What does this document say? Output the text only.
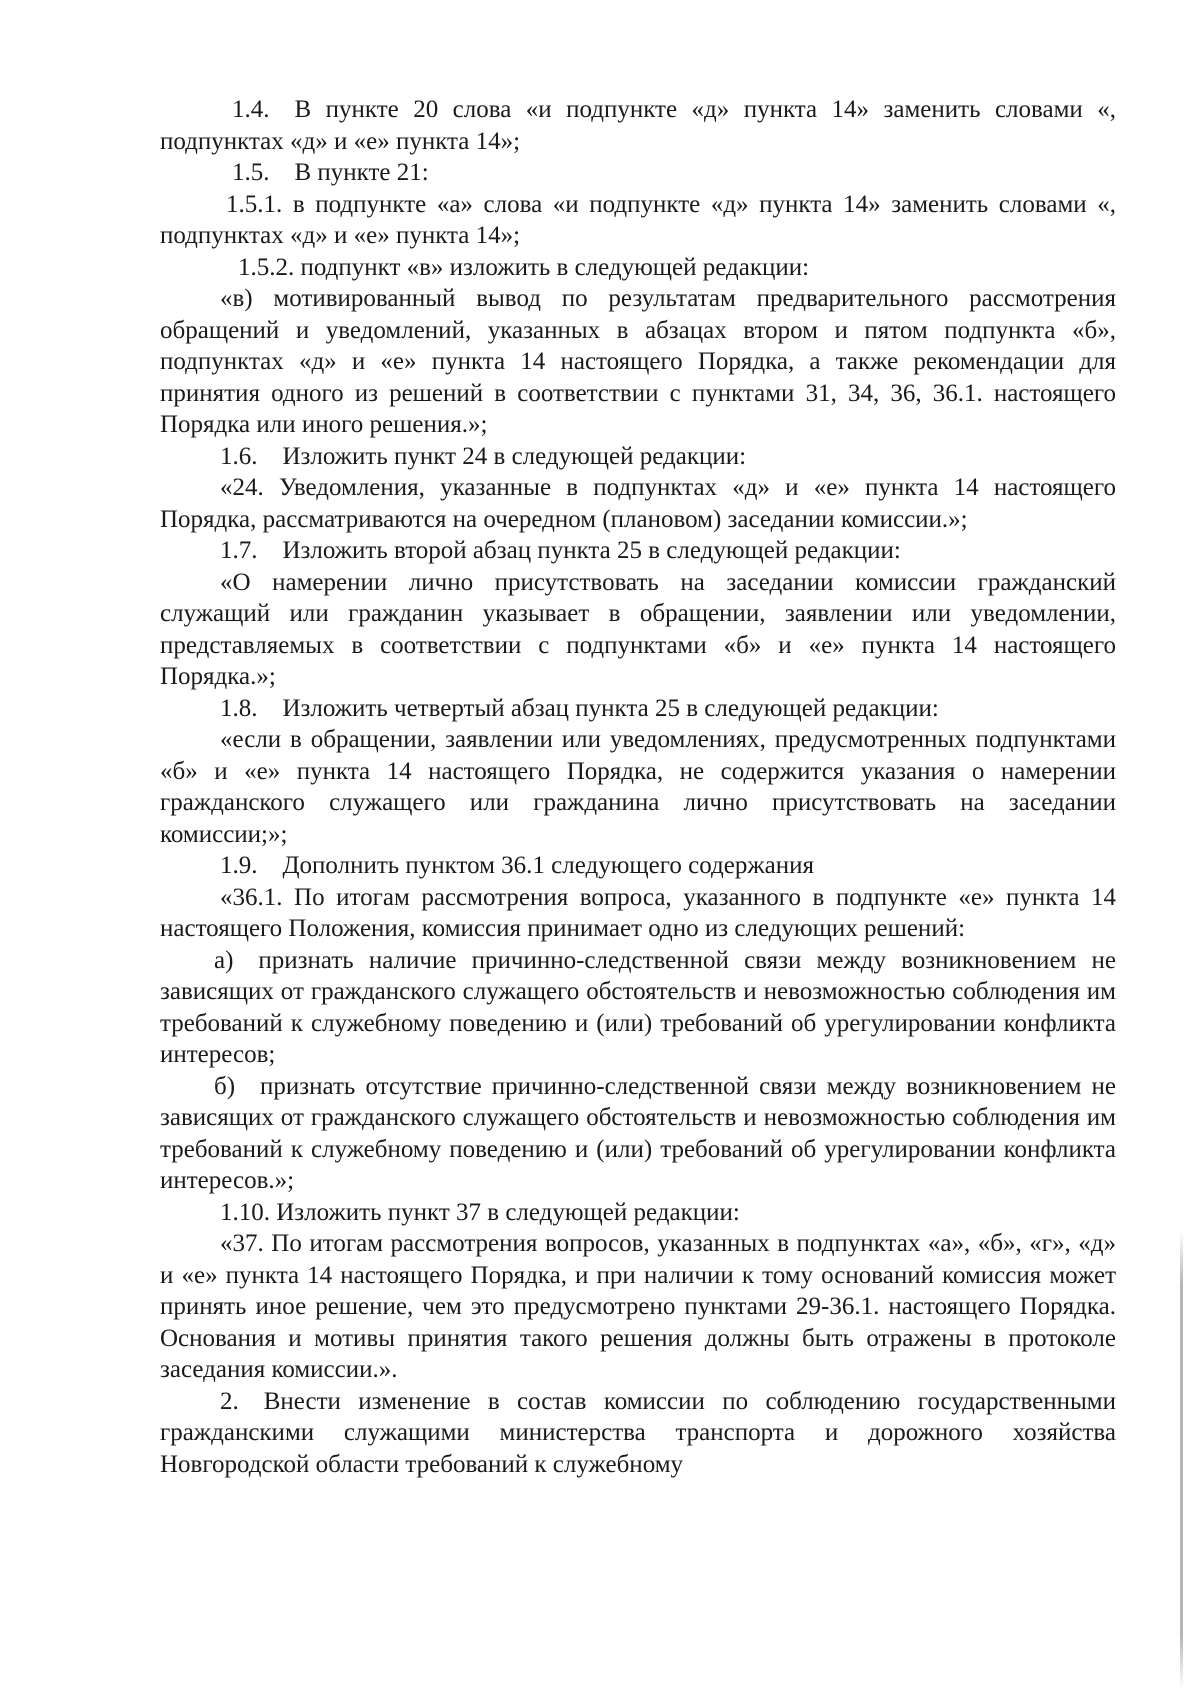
1.4. В пункте 20 слова «и подпункте «д» пункта 14» заменить словами «, подпунктах «д» и «е» пункта 14»;

1.5. В пункте 21:

1.5.1. в подпункте «а» слова «и подпункте «д» пункта 14» заменить словами «, подпунктах «д» и «е» пункта 14»;

1.5.2. подпункт «в» изложить в следующей редакции:

«в) мотивированный вывод по результатам предварительного рассмотрения обращений и уведомлений, указанных в абзацах втором и пятом подпункта «б», подпунктах «д» и «е» пункта 14 настоящего Порядка, а также рекомендации для принятия одного из решений в соответствии с пунктами 31, 34, 36, 36.1. настоящего Порядка или иного решения.»;

1.6. Изложить пункт 24 в следующей редакции:

«24. Уведомления, указанные в подпунктах «д» и «е» пункта 14 настоящего Порядка, рассматриваются на очередном (плановом) заседании комиссии.»;

1.7. Изложить второй абзац пункта 25 в следующей редакции:

«О намерении лично присутствовать на заседании комиссии гражданский служащий или гражданин указывает в обращении, заявлении или уведомлении, представляемых в соответствии с подпунктами «б» и «е» пункта 14 настоящего Порядка.»;

1.8. Изложить четвертый абзац пункта 25 в следующей редакции:

«если в обращении, заявлении или уведомлениях, предусмотренных подпунктами «б» и «е» пункта 14 настоящего Порядка, не содержится указания о намерении гражданского служащего или гражданина лично присутствовать на заседании комиссии;»;

1.9. Дополнить пунктом 36.1 следующего содержания

«36.1. По итогам рассмотрения вопроса, указанного в подпункте «е» пункта 14 настоящего Положения, комиссия принимает одно из следующих решений:

а) признать наличие причинно-следственной связи между возникновением не зависящих от гражданского служащего обстоятельств и невозможностью соблюдения им требований к служебному поведению и (или) требований об урегулировании конфликта интересов;

б) признать отсутствие причинно-следственной связи между возникновением не зависящих от гражданского служащего обстоятельств и невозможностью соблюдения им требований к служебному поведению и (или) требований об урегулировании конфликта интересов.»;

1.10. Изложить пункт 37 в следующей редакции:

«37. По итогам рассмотрения вопросов, указанных в подпунктах «а», «б», «г», «д» и «е» пункта 14 настоящего Порядка, и при наличии к тому оснований комиссия может принять иное решение, чем это предусмотрено пунктами 29-36.1. настоящего Порядка. Основания и мотивы принятия такого решения должны быть отражены в протоколе заседания комиссии.».

2. Внести изменение в состав комиссии по соблюдению государственными гражданскими служащими министерства транспорта и дорожного хозяйства Новгородской области требований к служебному
